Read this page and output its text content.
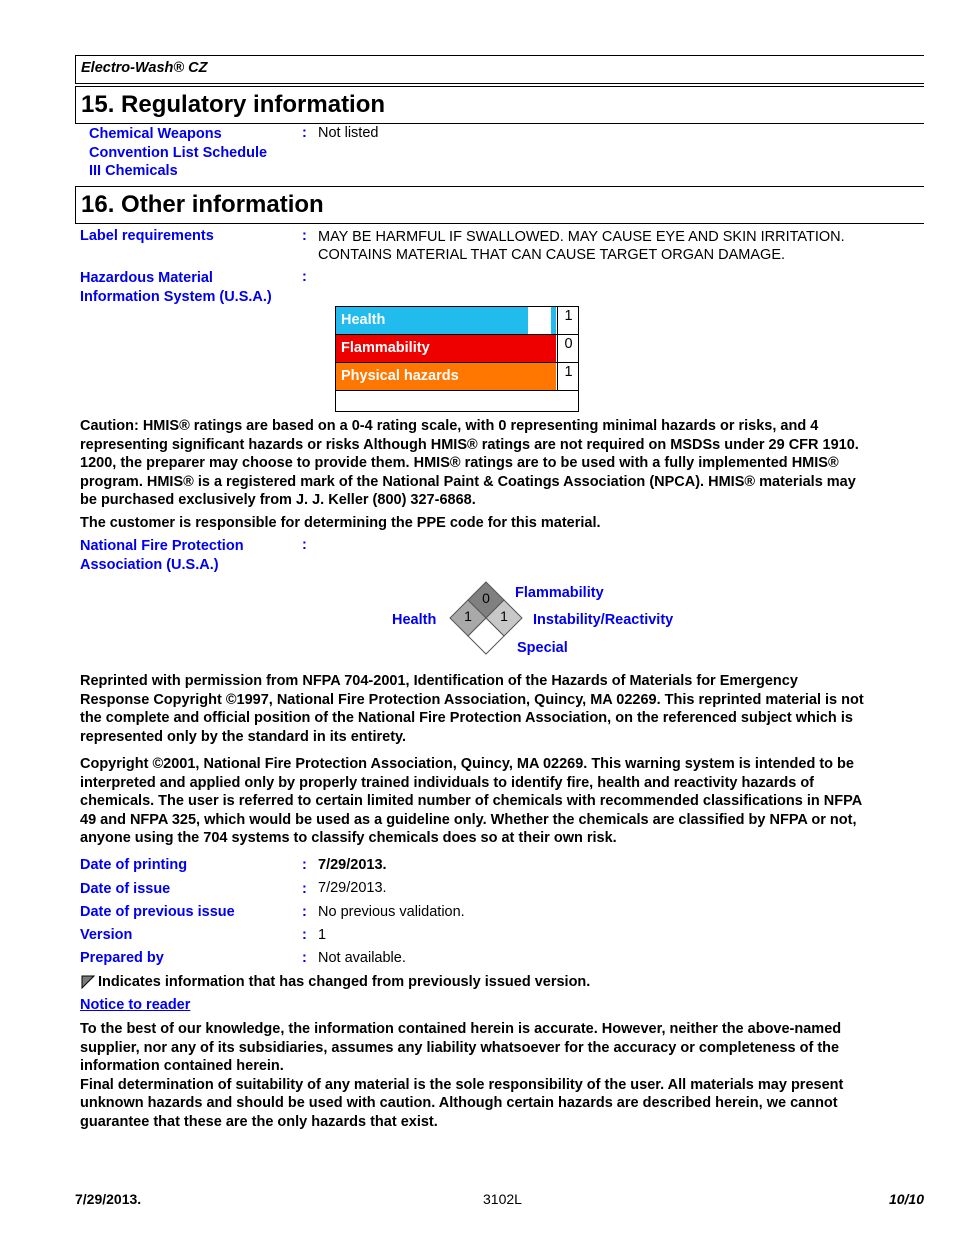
Electro-Wash® CZ
15. Regulatory information
Chemical Weapons
Convention List Schedule
III Chemicals
: Not listed
16. Other information
Label requirements	: MAY BE HARMFUL IF SWALLOWED. MAY CAUSE EYE AND SKIN IRRITATION.
CONTAINS MATERIAL THAT CAN CAUSE TARGET ORGAN DAMAGE.
Hazardous Material
Information System (U.S.A.)
:
Health	1
Flammability	0
Physical hazards	1
Caution: HMIS® ratings are based on a 0-4 rating scale, with 0 representing minimal hazards or risks, and 4
representing significant hazards or risks Although HMIS® ratings are not required on MSDSs under 29 CFR 1910.
1200, the preparer may choose to provide them. HMIS® ratings are to be used with a fully implemented HMIS®
program. HMIS® is a registered mark of the National Paint & Coatings Association (NPCA). HMIS® materials may
be purchased exclusively from J. J. Keller (800) 327-6868.
The customer is responsible for determining the PPE code for this material.
National Fire Protection
Association (U.S.A.)
:
0
1 1
Flammability
Health	Instability/Reactivity
Special
Reprinted with permission from NFPA 704-2001, Identification of the Hazards of Materials for Emergency
Response Copyright ©1997, National Fire Protection Association, Quincy, MA 02269. This reprinted material is not
the complete and official position of the National Fire Protection Association, on the referenced subject which is
represented only by the standard in its entirety.
Copyright ©2001, National Fire Protection Association, Quincy, MA 02269. This warning system is intended to be
interpreted and applied only by properly trained individuals to identify fire, health and reactivity hazards of
chemicals. The user is referred to certain limited number of chemicals with recommended classifications in NFPA
49 and NFPA 325, which would be used as a guideline only. Whether the chemicals are classified by NFPA or not,
anyone using the 704 systems to classify chemicals does so at their own risk.
Date of printing	: 7/29/2013.
Date of issue	: 7/29/2013.
Date of previous issue	: No previous validation.
Version	: 1
Prepared by	: Not available.
Indicates information that has changed from previously issued version.
Notice to reader
To the best of our knowledge, the information contained herein is accurate. However, neither the above-named
supplier, nor any of its subsidiaries, assumes any liability whatsoever for the accuracy or completeness of the
information contained herein.
Final determination of suitability of any material is the sole responsibility of the user. All materials may present
unknown hazards and should be used with caution. Although certain hazards are described herein, we cannot
guarantee that these are the only hazards that exist.
7/29/2013.	3102L	10/10
